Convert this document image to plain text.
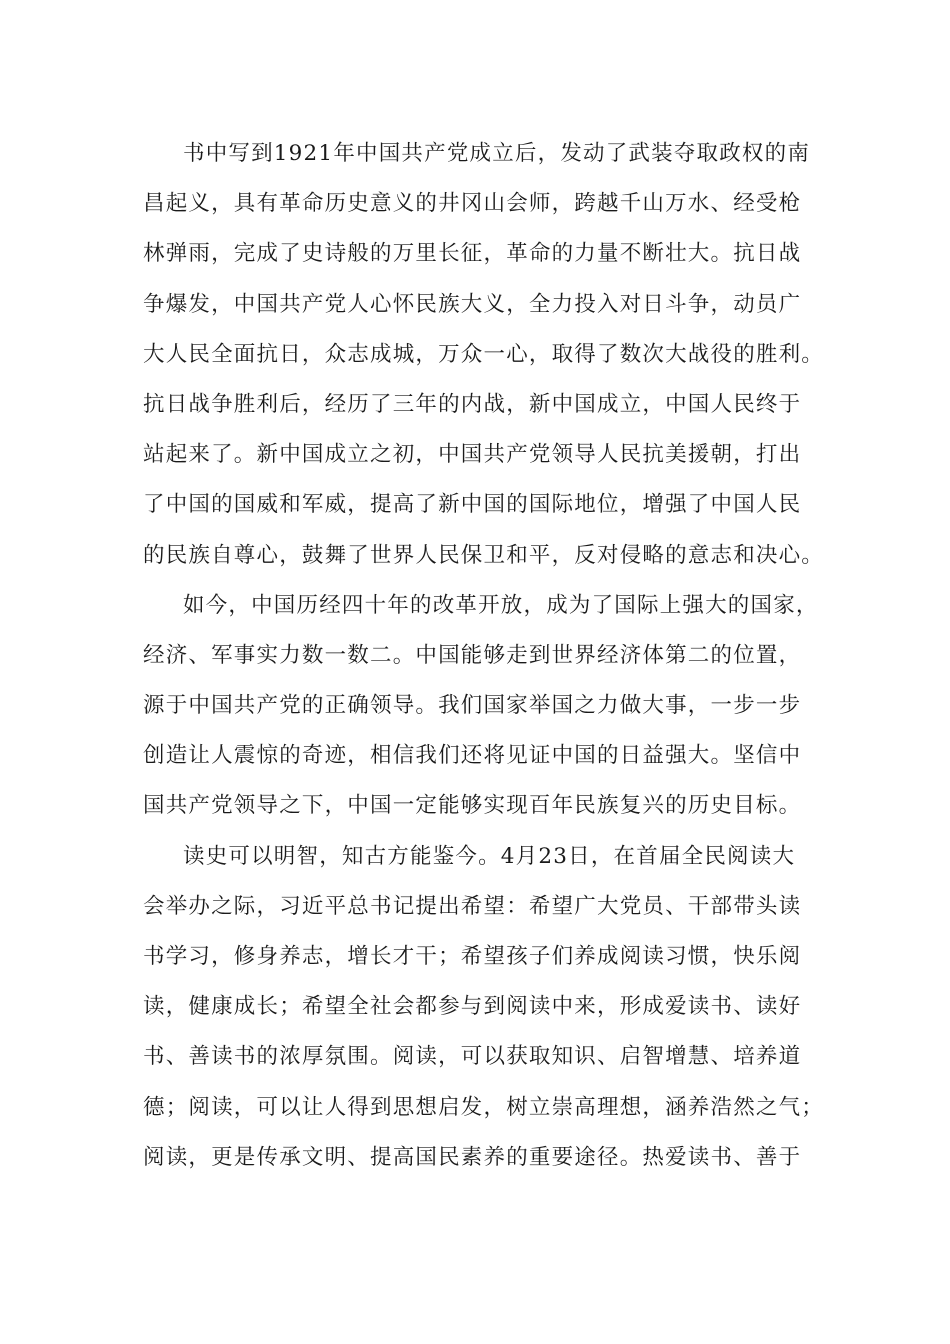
书中写到1921年中国共产党成立后，发动了武装夺取政权的南
昌起义，具有革命历史意义的井冈山会师，跨越千山万水、经受枪
林弹雨，完成了史诗般的万里长征，革命的力量不断壮大。抗日战
争爆发，中国共产党人心怀民族大义，全力投入对日斗争，动员广
大人民全面抗日，众志成城，万众一心，取得了数次大战役的胜利。
抗日战争胜利后，经历了三年的内战，新中国成立，中国人民终于
站起来了。新中国成立之初，中国共产党领导人民抗美援朝，打出
了中国的国威和军威，提高了新中国的国际地位，增强了中国人民
的民族自尊心，鼓舞了世界人民保卫和平，反对侵略的意志和决心。
如今，中国历经四十年的改革开放，成为了国际上强大的国家，
经济、军事实力数一数二。中国能够走到世界经济体第二的位置，
源于中国共产党的正确领导。我们国家举国之力做大事，一步一步
创造让人震惊的奇迹，相信我们还将见证中国的日益强大。坚信中
国共产党领导之下，中国一定能够实现百年民族复兴的历史目标。
读史可以明智，知古方能鉴今。4月23日，在首届全民阅读大
会举办之际，习近平总书记提出希望：希望广大党员、干部带头读
书学习，修身养志，增长才干；希望孩子们养成阅读习惯，快乐阅
读，健康成长；希望全社会都参与到阅读中来，形成爱读书、读好
书、善读书的浓厚氛围。阅读，可以获取知识、启智增慧、培养道
德；阅读，可以让人得到思想启发，树立崇高理想，涵养浩然之气；
阅读，更是传承文明、提高国民素养的重要途径。热爱读书、善于
